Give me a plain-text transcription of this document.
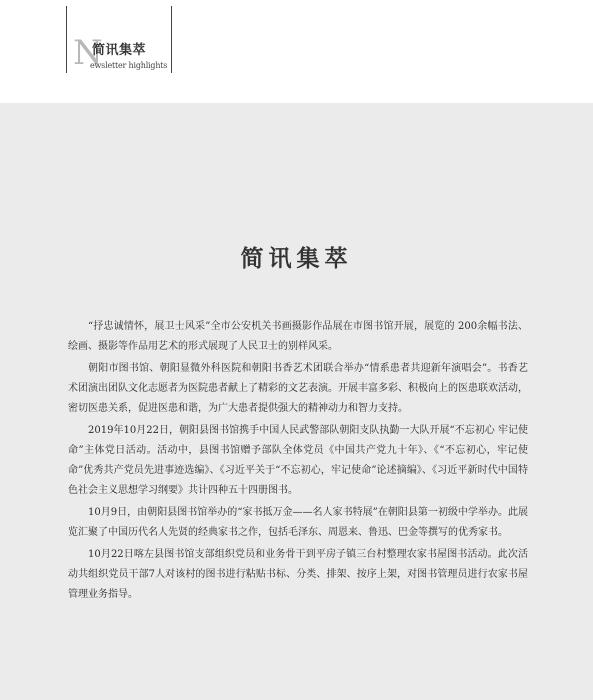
N
简讯集萃
ewsletter highlights
简讯集萃

“抒忠诚情怀，展卫士风采”全市公安机关书画摄影作品展在市图书馆开展，展览的 200余幅书法、绘画、摄影等作品用艺术的形式展现了人民卫士的别样风采。

朝阳市图书馆、朝阳显微外科医院和朝阳书香艺术团联合举办“情系患者共迎新年演唱会”。书香艺术团演出团队文化志愿者为医院患者献上了精彩的文艺表演。开展丰富多彩、积极向上的医患联欢活动，密切医患关系，促进医患和谐，为广大患者提供强大的精神动力和智力支持。

2019年10月22日，朝阳县图书馆携手中国人民武警部队朝阳支队执勤一大队开展“不忘初心 牢记使命”主体党日活动。活动中，县图书馆赠予部队全体党员《中国共产党九十年》、《“不忘初心，牢记使命”优秀共产党员先进事迹选编》、《习近平关于“不忘初心，牢记使命”论述摘编》、《习近平新时代中国特色社会主义思想学习纲要》共计四种五十四册图书。

10月9日，由朝阳县图书馆举办的“家书抵万金——名人家书特展”在朝阳县第一初级中学举办。此展览汇聚了中国历代名人先贤的经典家书之作，包括毛泽东、周恩来、鲁迅、巴金等撰写的优秀家书。

10月22日喀左县图书馆支部组织党员和业务骨干到平房子镇三台村整理农家书屋图书活动。此次活动共组织党员干部7人对该村的图书进行粘贴书标、分类、排架、按序上架，对图书管理员进行农家书屋管理业务指导。
